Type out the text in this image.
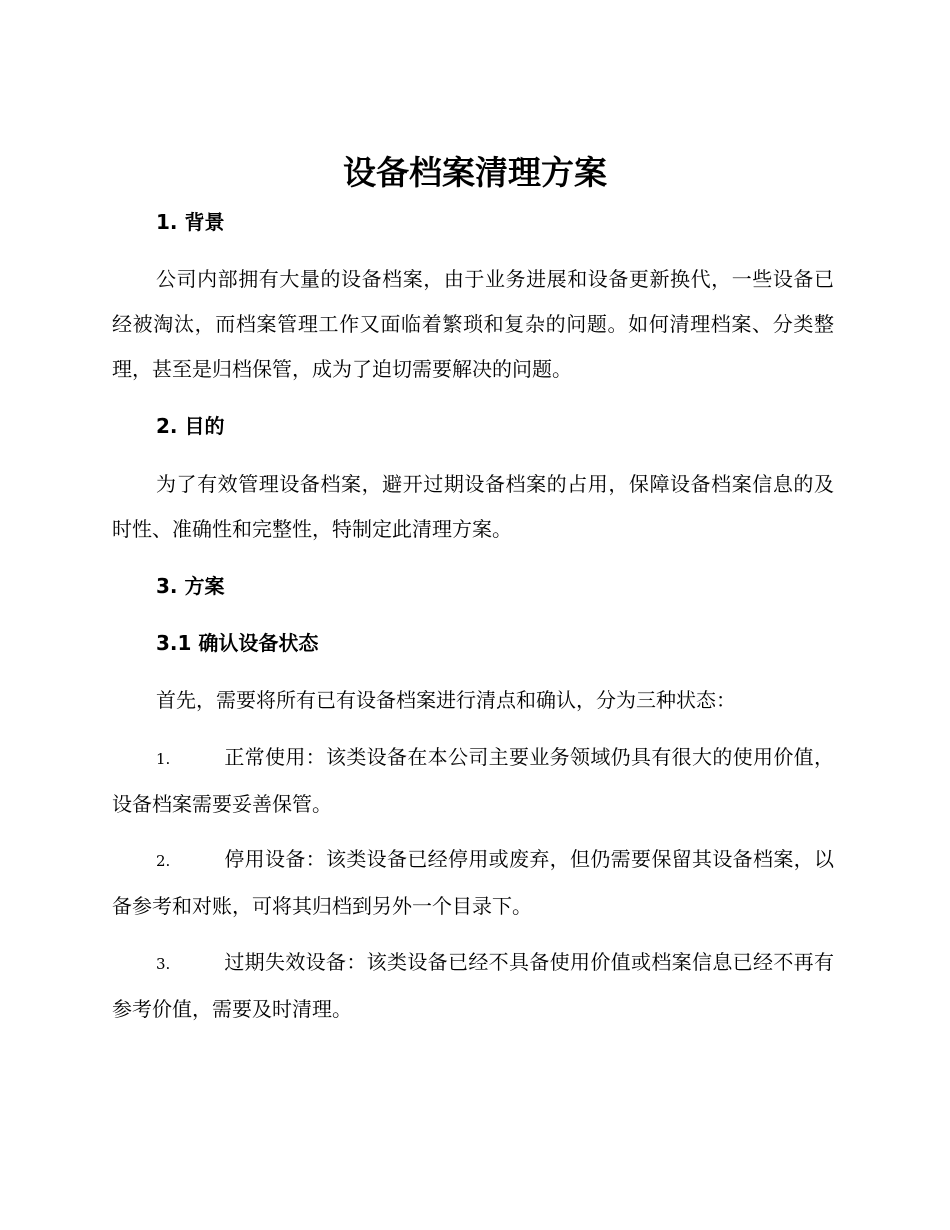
设备档案清理方案
1. 背景

公司内部拥有大量的设备档案，由于业务进展和设备更新换代，一些设备已经被淘汰，而档案管理工作又面临着繁琐和复杂的问题。如何清理档案、分类整理，甚至是归档保管，成为了迫切需要解决的问题。

2. 目的

为了有效管理设备档案，避开过期设备档案的占用，保障设备档案信息的及时性、准确性和完整性，特制定此清理方案。

3. 方案
3.1 确认设备状态

首先，需要将所有已有设备档案进行清点和确认，分为三种状态：

1.	正常使用：该类设备在本公司主要业务领域仍具有很大的使用价值，设备档案需要妥善保管。

2.	停用设备：该类设备已经停用或废弃，但仍需要保留其设备档案，以备参考和对账，可将其归档到另外一个目录下。

3.	过期失效设备：该类设备已经不具备使用价值或档案信息已经不再有参考价值，需要及时清理。
